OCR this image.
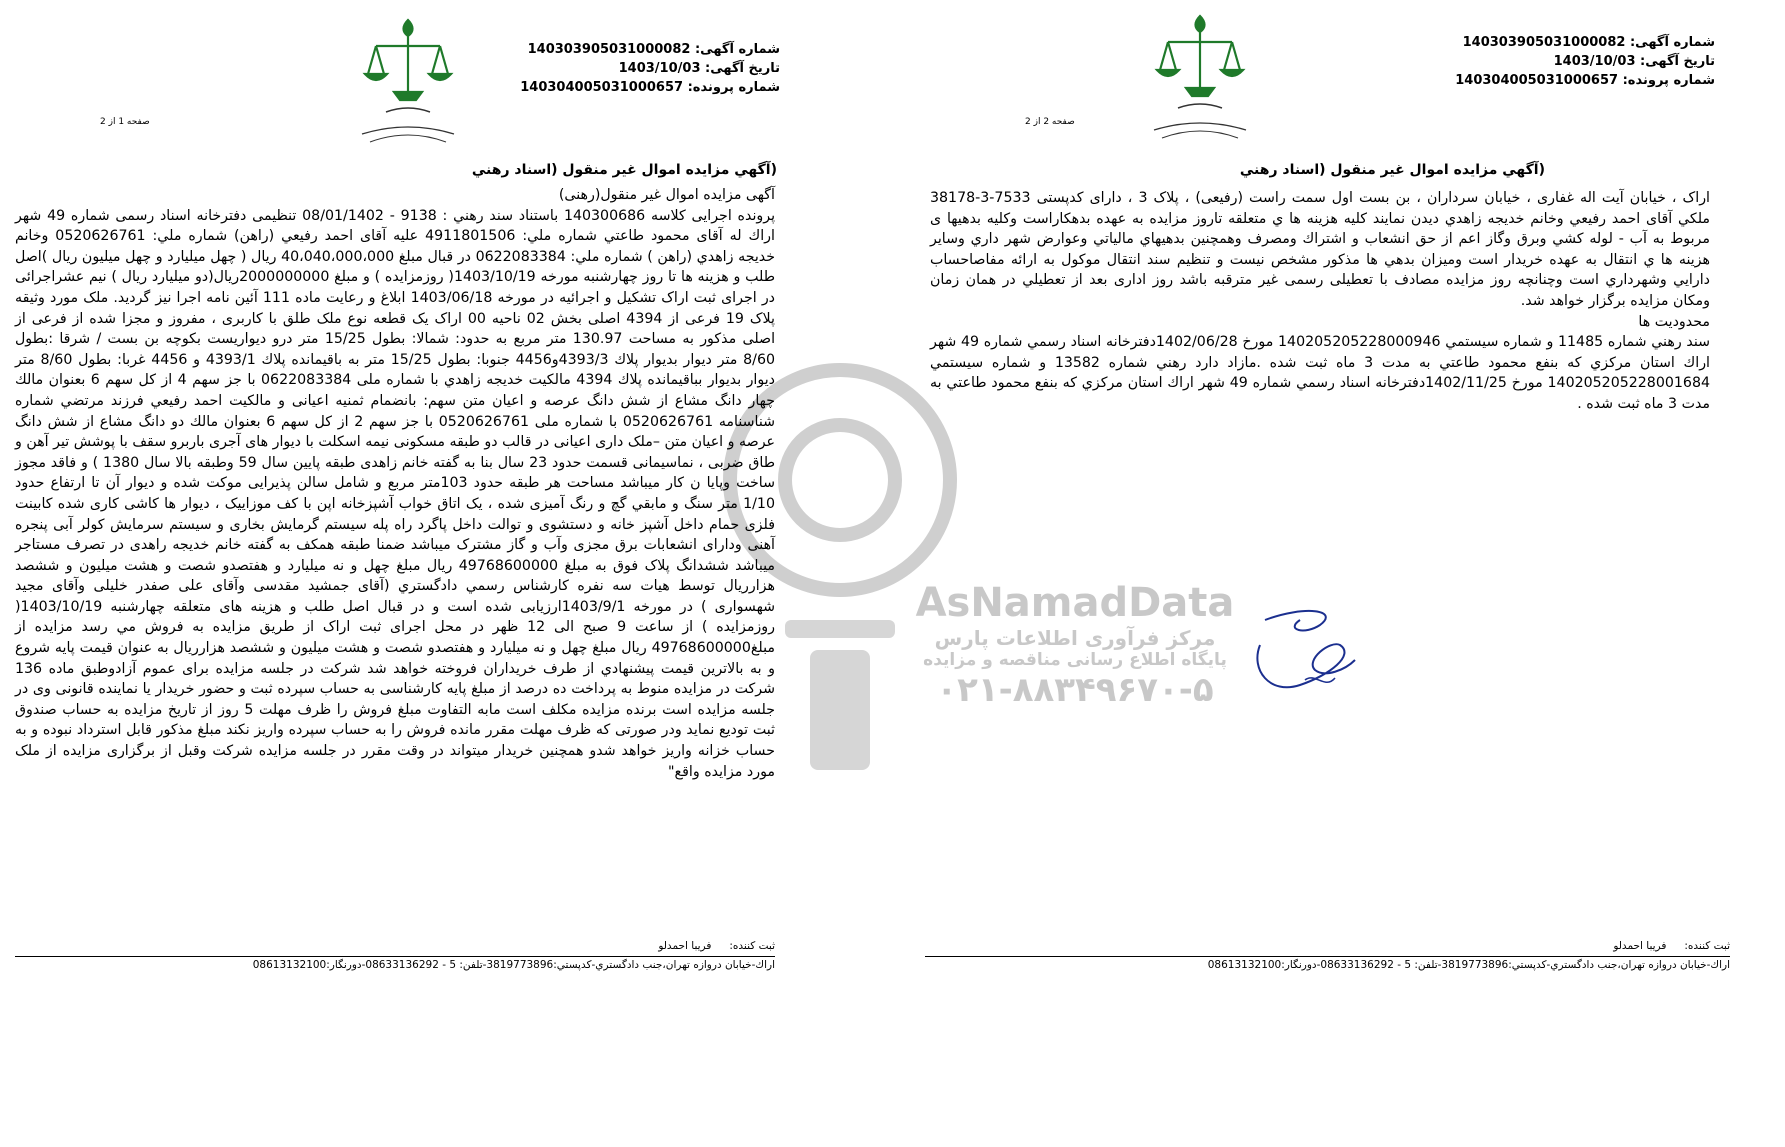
شماره آگهی: 140303905031000082
تاریخ آگهی: 1403/10/03
شماره پرونده: 140304005031000657
صفحه 1 از 2
(آگهي مزايده اموال غير منقول (اسناد رهني

آگهی مزایده اموال غیر منقول(رهنی)

پرونده اجرایی کلاسه 140300686 باستناد سند رهني : 9138 - 08/01/1402 تنظیمی دفترخانه اسناد رسمی شماره 49 شهر اراك له آقای محمود طاعتي شماره ملي: 4911801506 علیه آقای احمد رفیعي (راهن) شماره ملي: 0520626761 وخانم خديجه زاهدي (راهن ) شماره ملي: 0622083384 در قبال مبلغ 40،040،000،000 ريال ( چهل ميليارد و چهل ميليون ريال )اصل طلب و هزينه ها تا روز چهارشنبه مورخه 1403/10/19( روزمزايده ) و مبلغ 2000000000ريال(دو ميليارد ريال ) نيم عشراجرائی در اجرای ثبت اراک تشکیل و اجرائیه در مورخه 1403/06/18 ابلاغ و رعایت ماده 111 آئين نامه اجرا نيز گرديد. ملک مورد وثیقه پلاک 19 فرعی از 4394 اصلی بخش 02 ناحیه 00 اراک یک قطعه نوع ملک طلق با کاربری ، مفروز و مجزا شده از فرعی از اصلی مذكور به مساحت 130.97 متر مربع به حدود: شمالا: بطول 15/25 متر درو ديواريست بكوچه بن بست / شرقا :بطول 8/60 متر ديوار بديوار پلاك 4393/3و4456 جنوبا: بطول 15/25 متر به باقيمانده پلاك 4393/1 و 4456 غربا: بطول 8/60 متر ديوار بديوار بباقيمانده پلاك 4394 مالكيت خديجه زاهدي با شماره ملی 0622083384 با جز سهم 4 از کل سهم 6 بعنوان مالك چهار دانگ مشاع از شش دانگ عرصه و اعيان متن سهم: بانضمام ثمنیه اعیانی و مالكيت احمد رفيعي فرزند مرتضي شماره شناسنامه 0520626761 با شماره ملی 0520626761 با جز سهم 2 از کل سهم 6 بعنوان مالك دو دانگ مشاع از شش دانگ عرصه و اعيان متن –ملک داری اعیانی در قالب دو طبقه مسکونی نیمه اسکلت با دیوار های آجری باربرو سقف با پوشش تیر آهن و طاق ضربی ، نماسیمانی قسمت حدود 23 سال بنا به گفته خانم زاهدی طبقه پایین سال 59 وطبقه بالا سال 1380 ) و فاقد مجوز ساخت وپایا ن کار میباشد مساحت هر طبقه حدود 103متر مربع و شامل سالن پذیرایی موکت شده و دیوار آن تا ارتفاع حدود 1/10 متر سنگ و مابقي گچ و رنگ آمیزی شده ، یک اتاق خواب آشپزخانه اپن با کف موزاییک ، دیوار ها کاشی کاری شده کابینت فلزی حمام داخل آشپز خانه و دستشوی و توالت داخل پاگرد راه پله سیستم گرمایش بخاری و سیستم سرمایش کولر آبی پنجره آهنی ودارای انشعابات برق مجزی وآب و گاز مشترک میباشد ضمنا طبقه همکف به گفته خانم خدیجه راهدی در تصرف مستاجر میباشد ششدانگ پلاک فوق به مبلغ 49768600000 ريال مبلغ چهل و نه ميليارد و هفتصدو شصت و هشت ميليون و ششصد هزارريال توسط هيات سه نفره كارشناس رسمي دادگستري (آقای جمشید مقدسی وآقای علی صفدر خلیلی وآقای مجید شهسواری ) در مورخه 1403/9/1ارزیابی شده است و در قبال اصل طلب و هزینه های متعلقه چهارشنبه 1403/10/19( روزمزايده ) از ساعت 9 صبح الی 12 ظهر در محل اجرای ثبت اراک از طريق مزايده به فروش مي رسد مزایده از مبلغ49768600000 ريال مبلغ چهل و نه ميليارد و هفتصدو شصت و هشت ميليون و ششصد هزارريال به عنوان قیمت پایه شروع و به بالاترین قیمت پیشنهادي از طرف خریداران فروخته خواهد شد شرکت در جلسه مزایده برای عموم آزادوطبق ماده 136 شرکت در مزایده منوط به پرداخت ده درصد از مبلغ پایه کارشناسی به حساب سپرده ثبت و حضور خریدار یا نماینده قانونی وی در جلسه مزایده است برنده مزایده مکلف است مابه التفاوت مبلغ فروش را ظرف مهلت 5 روز از تاریخ مزایده به حساب صندوق ثبت تودیع نماید ودر صورتی که ظرف مهلت مقرر مانده فروش را به حساب سپرده واریز نکند مبلغ مذکور قابل استرداد نبوده و به حساب خزانه واریز خواهد شدو همچنین خریدار میتواند در وقت مقرر در جلسه مزایده شرکت وقبل از برگزاری مزایده از ملک مورد مزایده واقع"

ثبت کننده:
فریبا احمدلو
اراك-خيابان دروازه تهران،جنب دادگستري-كدپستي:3819773896-تلفن: 5 - 08633136292-دورنگار:08613132100
شماره آگهی: 140303905031000082
تاریخ آگهی: 1403/10/03
شماره پرونده: 140304005031000657
صفحه 2 از 2
(آگهي مزايده اموال غير منقول (اسناد رهني

اراک ، خیابان آیت اله غفاری ، خیابان سرداران ، بن بست اول سمت راست (رفیعی) ، پلاک 3 ، دارای کدپستی 7533-3-38178 ملكي آقای احمد رفيعي وخانم خديجه زاهدي ديدن نمايند كليه هزينه ها ي متعلقه تاروز مزايده به عهده بدهكاراست وكليه بدهيها ی مربوط به آب - لوله كشي وبرق وگاز اعم از حق انشعاب و اشتراك ومصرف وهمچنين بدهيهاي مالياتي وعوارض شهر داري وساير هزينه ها ي انتقال به عهده خريدار است وميزان بدهي ها مذكور مشخص نيست و تنظیم سند انتقال موكول به ارائه مفاصاحساب دارايي وشهرداري است وچنانچه روز مزایده مصادف با تعطیلی رسمی غیر مترقبه باشد روز اداری بعد از تعطیلي در همان زمان ومکان مزایده برگزار خواهد شد.

محدوديت ها

سند رهني شماره 11485 و شماره سيستمي 140205205228000946 مورخ 1402/06/28دفترخانه اسناد رسمي شماره 49 شهر اراك استان مركزي كه بنفع محمود طاعتي به مدت 3 ماه ثبت شده .مازاد دارد رهني شماره 13582 و شماره سيستمي 140205205228001684 مورخ 1402/11/25دفترخانه اسناد رسمي شماره 49 شهر اراك استان مركزي كه بنفع محمود طاعتي به مدت 3 ماه ثبت شده .

AsNamadData
مرکز فرآوری اطلاعات پارس
پایگاه اطلاع رسانی مناقصه و مزایده
۰۲۱-۸۸۳۴۹۶۷۰-۵
ثبت کننده:
فریبا احمدلو
اراك-خيابان دروازه تهران،جنب دادگستري-كدپستي:3819773896-تلفن: 5 - 08633136292-دورنگار:08613132100
